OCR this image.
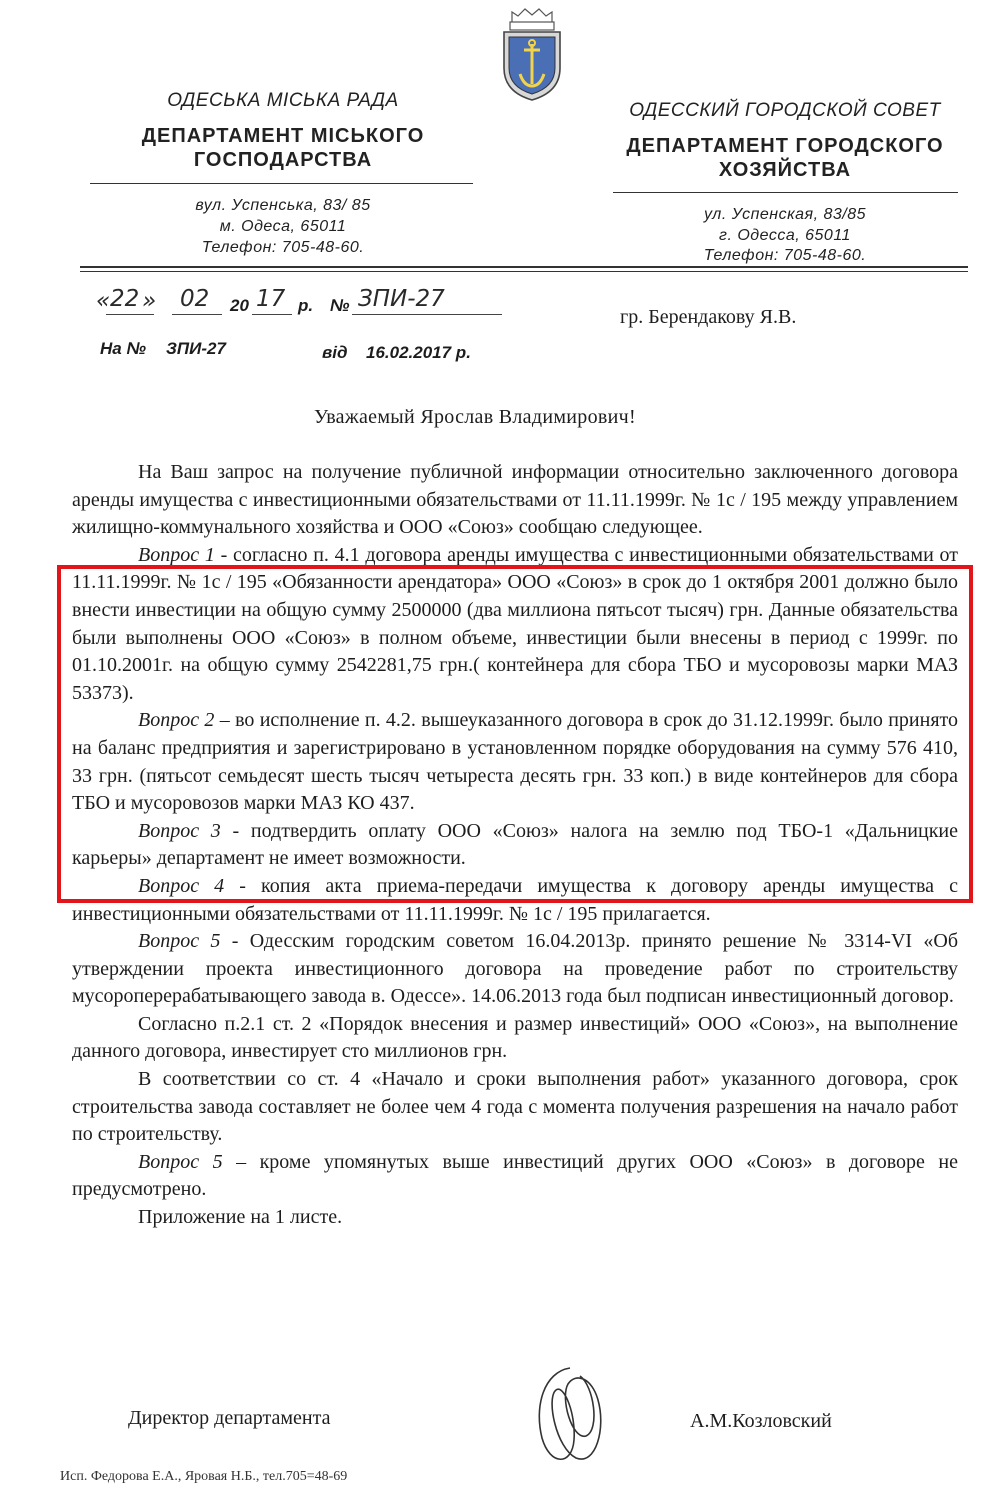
ОДЕСЬКА МІСЬКА РАДА
ДЕПАРТАМЕНТ МІСЬКОГО
ГОСПОДАРСТВА
вул. Успенська, 83/ 85
м. Одеса, 65011
Телефон: 705-48-60.
ОДЕССКИЙ ГОРОДСКОЙ СОВЕТ
ДЕПАРТАМЕНТ ГОРОДСКОГО
ХОЗЯЙСТВА
ул. Успенская, 83/85
г. Одесса, 65011
Телефон: 705-48-60.
« 22 » 02 20 17 р. № ЗПИ-27
На № ЗПИ-27	від 16.02.2017 р.
гр. Берендакову Я.В.
Уважаемый Ярослав Владимирович!

На Ваш запрос на получение публичной информации относительно заключенного договора аренды имущества с инвестиционными обязательствами от 11.11.1999г. № 1с / 195 между управлением жилищно-коммунального хозяйства и ООО «Союз» сообщаю следующее.

Вопрос 1 - согласно п. 4.1 договора аренды имущества с инвестиционными обязательствами от 11.11.1999г. № 1с / 195 «Обязанности арендатора» ООО «Союз» в срок до 1 октября 2001 должно было внести инвестиции на общую сумму 2500000 (два миллиона пятьсот тысяч) грн. Данные обязательства были выполнены ООО «Союз» в полном объеме, инвестиции были внесены в период с 1999г. по 01.10.2001г. на общую сумму 2542281,75 грн.( контейнера для сбора ТБО и мусоровозы марки МАЗ 53373).

Вопрос 2 – во исполнение п. 4.2. вышеуказанного договора в срок до 31.12.1999г. было принято на баланс предприятия и зарегистрировано в установленном порядке оборудования на сумму 576 410, 33 грн. (пятьсот семьдесят шесть тысяч четыреста десять грн. 33 коп.) в виде контейнеров для сбора ТБО и мусоровозов марки МАЗ КО 437.

Вопрос 3 - подтвердить оплату ООО «Союз» налога на землю под ТБО-1 «Дальницкие карьеры» департамент не имеет возможности.

Вопрос 4 - копия акта приема-передачи имущества к договору аренды имущества с инвестиционными обязательствами от 11.11.1999г. № 1с / 195 прилагается.

Вопрос 5 - Одесским городским советом 16.04.2013р. принято решение № 3314-VI «Об утверждении проекта инвестиционного договора на проведение работ по строительству мусороперерабатывающего завода в. Одессе». 14.06.2013 года был подписан инвестиционный договор.

Согласно п.2.1 ст. 2 «Порядок внесения и размер инвестиций» ООО «Союз», на выполнение данного договора, инвестирует сто миллионов грн.

В соответствии со ст. 4 «Начало и сроки выполнения работ» указанного договора, срок строительства завода составляет не более чем 4 года с момента получения разрешения на начало работ по строительству.

Вопрос 5 – кроме упомянутых выше инвестиций других ООО «Союз» в договоре не предусмотрено.

Приложение на 1 листе.

Директор департамента	А.М.Козловский
Исп. Федорова Е.А., Яровая Н.Б., тел.705=48-69
